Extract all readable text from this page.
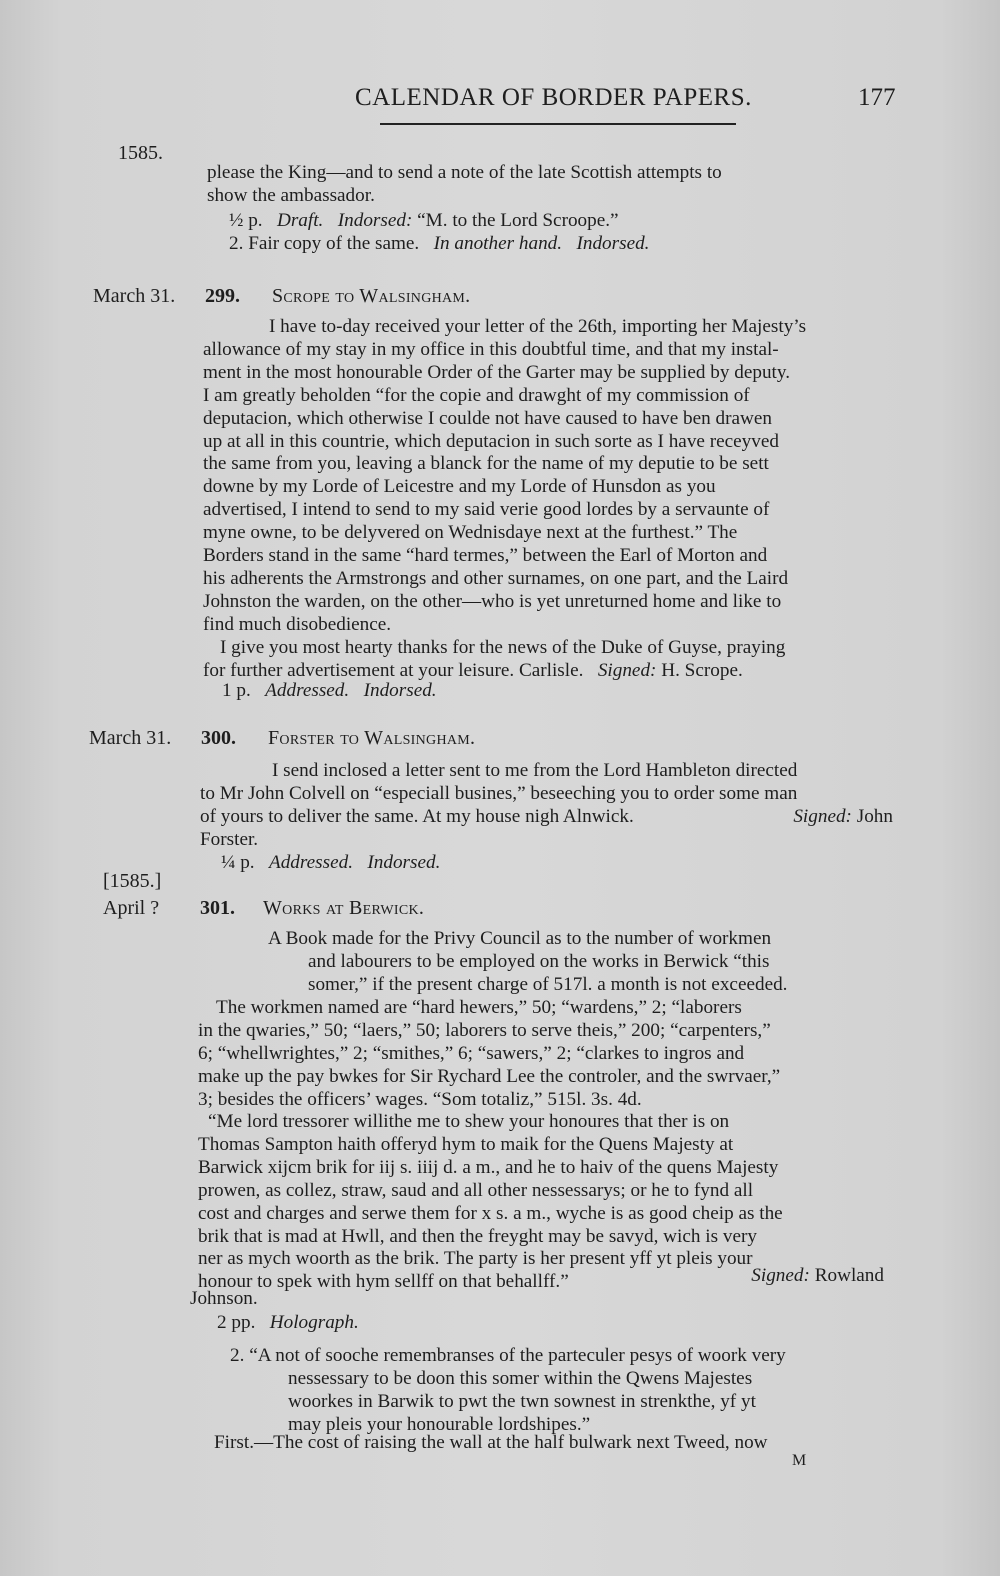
CALENDAR OF BORDER PAPERS.	177
1585.

please the King—and to send a note of the late Scottish attempts to

show the ambassador.

½ p. Draft. Indorsed: “M. to the Lord Scroope.”
2. Fair copy of the same. In another hand. Indorsed.
March 31. 299. Scrope to Walsingham.

I have to-day received your letter of the 26th, importing her Majesty’s

allowance of my stay in my office in this doubtful time, and that my instal-

ment in the most honourable Order of the Garter may be supplied by deputy.

I am greatly beholden “for the copie and drawght of my commission of

deputacion, which otherwise I coulde not have caused to have ben drawen

up at all in this countrie, which deputacion in such sorte as I have receyved

the same from you, leaving a blanck for the name of my deputie to be sett

downe by my Lorde of Leicestre and my Lorde of Hunsdon as you

advertised, I intend to send to my said verie good lordes by a servaunte of

myne owne, to be delyvered on Wednisdaye next at the furthest.” The

Borders stand in the same “hard termes,” between the Earl of Morton and

his adherents the Armstrongs and other surnames, on one part, and the Laird

Johnston the warden, on the other—who is yet unreturned home and like to

find much disobedience.

I give you most hearty thanks for the news of the Duke of Guyse, praying

for further advertisement at your leisure. Carlisle. Signed: H. Scrope.

1 p. Addressed. Indorsed.
March 31. 300. Forster to Walsingham.

I send inclosed a letter sent to me from the Lord Hambleton directed

to Mr John Colvell on “especiall busines,” beseeching you to order some man

of yours to deliver the same. At my house nigh Alnwick.	Signed: John
Forster.
¼ p. Addressed. Indorsed.
[1585.]
April ? 301. Works at Berwick.

A Book made for the Privy Council as to the number of workmen

and labourers to be employed on the works in Berwick “this

somer,” if the present charge of 517l. a month is not exceeded.

The workmen named are “hard hewers,” 50; “wardens,” 2; “laborers

in the qwaries,” 50; “laers,” 50; laborers to serve theis,” 200; “carpenters,”

6; “whellwrightes,” 2; “smithes,” 6; “sawers,” 2; “clarkes to ingros and

make up the pay bwkes for Sir Rychard Lee the controler, and the swrvaer,”

3; besides the officers’ wages. “Som totaliz,” 515l. 3s. 4d.

“Me lord tressorer willithe me to shew your honoures that ther is on

Thomas Sampton haith offeryd hym to maik for the Quens Majesty at

Barwick xijcm brik for iij s. iiij d. a m., and he to haiv of the quens Majesty

prowen, as collez, straw, saud and all other nessessarys; or he to fynd all

cost and charges and serwe them for x s. a m., wyche is as good cheip as the

brik that is mad at Hwll, and then the freyght may be savyd, wich is very

ner as mych woorth as the brik. The party is her present yff yt pleis your

honour to spek with hym sellff on that behallff.”	Signed: Rowland
Johnson.
2 pp. Holograph.

2. “A not of sooche remembranses of the parteculer pesys of woork very

nessessary to be doon this somer within the Qwens Majestes

woorkes in Barwik to pwt the twn sownest in strenkthe, yf yt

may pleis your honourable lordshipes.”

First.—The cost of raising the wall at the half bulwark next Tweed, now
M
